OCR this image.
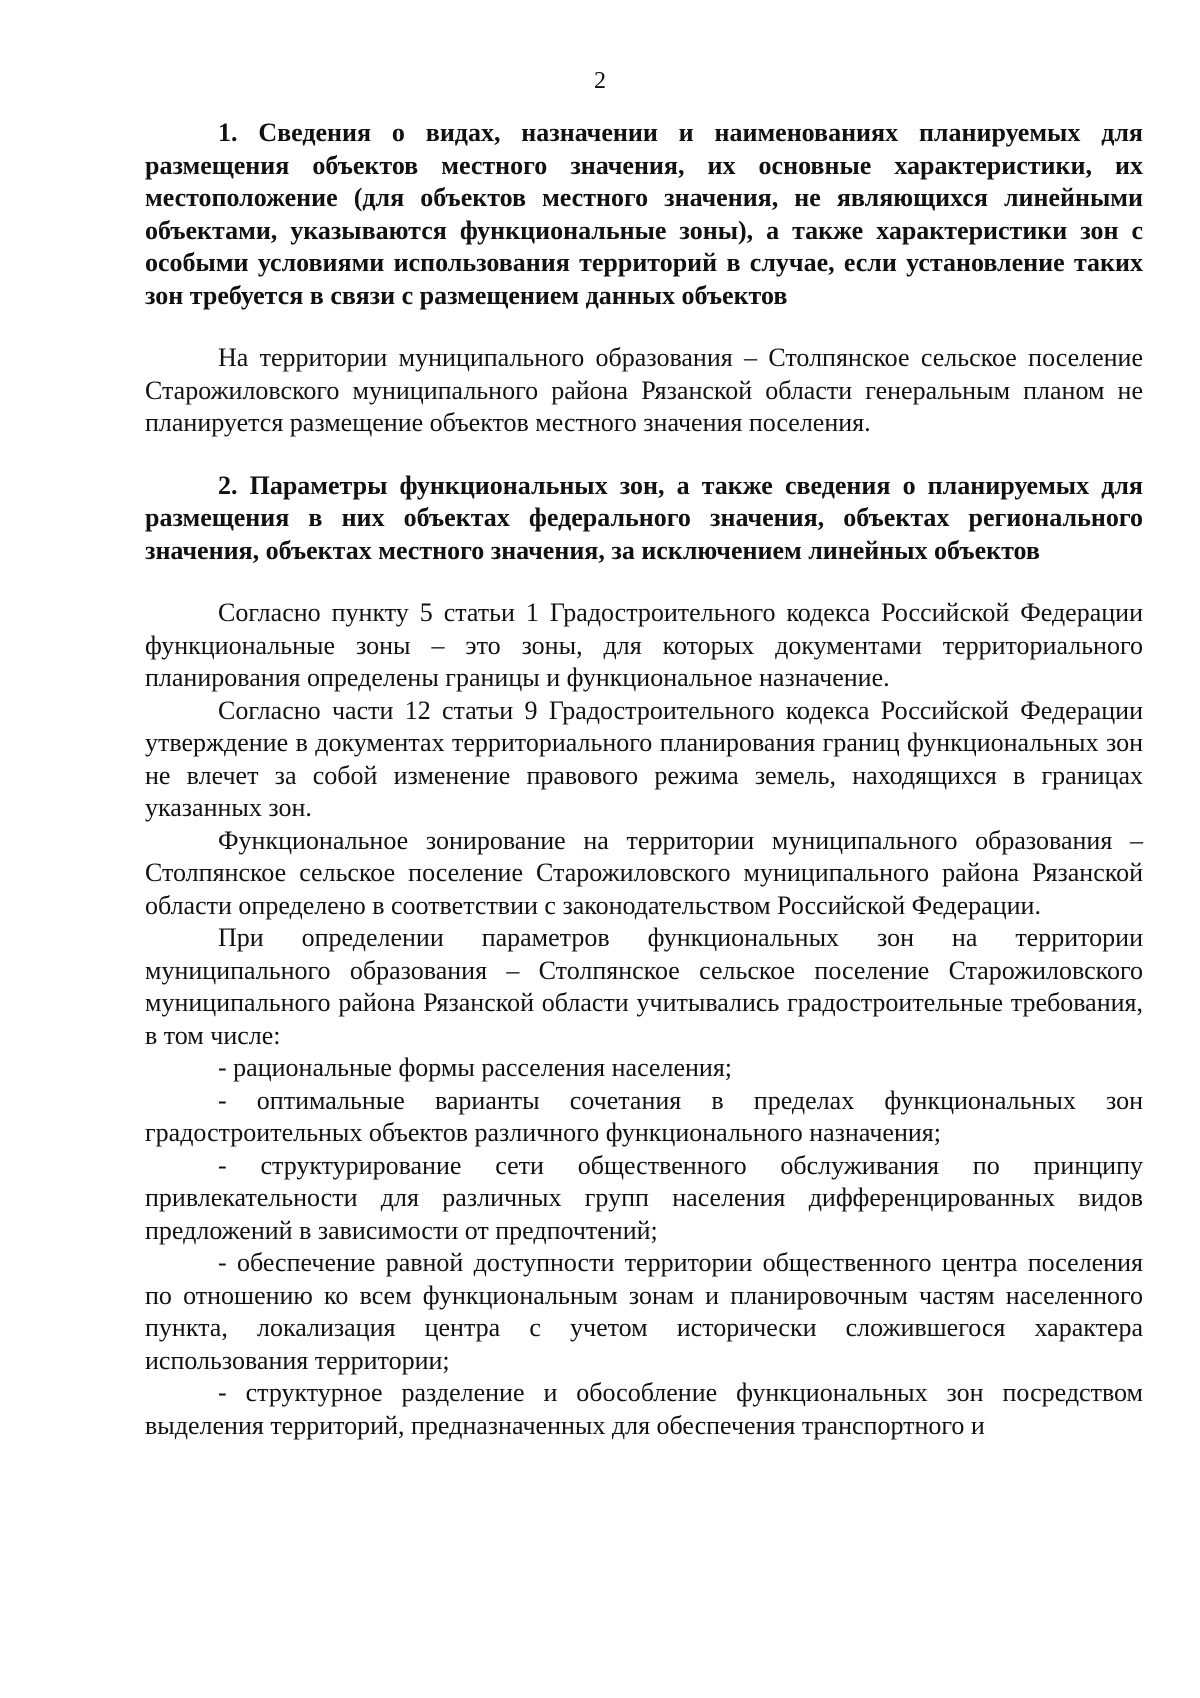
2

1. Сведения о видах, назначении и наименованиях планируемых для размещения объектов местного значения, их основные характеристики, их местоположение (для объектов местного значения, не являющихся линейными объектами, указываются функциональные зоны), а также характеристики зон с особыми условиями использования территорий в случае, если установление таких зон требуется в связи с размещением данных объектов

На территории муниципального образования – Столпянское сельское поселение Старожиловского муниципального района Рязанской области генеральным планом не планируется размещение объектов местного значения поселения.

2. Параметры функциональных зон, а также сведения о планируемых для размещения в них объектах федерального значения, объектах регионального значения, объектах местного значения, за исключением линейных объектов

Согласно пункту 5 статьи 1 Градостроительного кодекса Российской Федерации функциональные зоны – это зоны, для которых документами территориального планирования определены границы и функциональное назначение.

Согласно части 12 статьи 9 Градостроительного кодекса Российской Федерации утверждение в документах территориального планирования границ функциональных зон не влечет за собой изменение правового режима земель, находящихся в границах указанных зон.

Функциональное зонирование на территории муниципального образования – Столпянское сельское поселение Старожиловского муниципального района Рязанской области определено в соответствии с законодательством Российской Федерации.

При определении параметров функциональных зон на территории муниципального образования – Столпянское сельское поселение Старожиловского муниципального района Рязанской области учитывались градостроительные требования, в том числе:

- рациональные формы расселения населения;

- оптимальные варианты сочетания в пределах функциональных зон градостроительных объектов различного функционального назначения;

- структурирование сети общественного обслуживания по принципу привлекательности для различных групп населения дифференцированных видов предложений в зависимости от предпочтений;

- обеспечение равной доступности территории общественного центра поселения по отношению ко всем функциональным зонам и планировочным частям населенного пункта, локализация центра с учетом исторически сложившегося характера использования территории;

- структурное разделение и обособление функциональных зон посредством выделения территорий, предназначенных для обеспечения транспортного и
